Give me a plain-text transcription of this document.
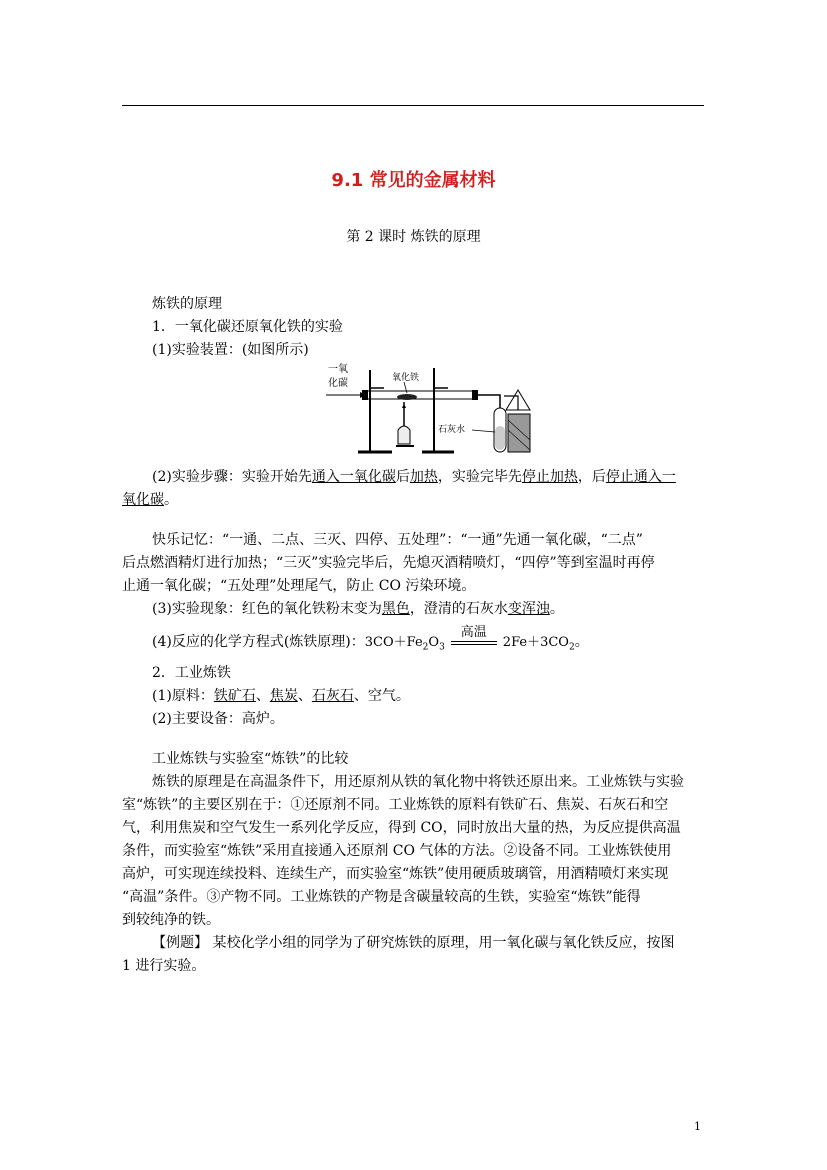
9.1 常见的金属材料
第 2 课时 炼铁的原理
炼铁的原理
1．一氧化碳还原氧化铁的实验
(1)实验装置：(如图所示)
一氧
化碳	氧化铁
石灰水
(2)实验步骤：实验开始先通入一氧化碳后加热，实验完毕先停止加热，后停止通入一
氧化碳。
快乐记忆：“一通、二点、三灭、四停、五处理”：“一通”先通一氧化碳，“二点”
后点燃酒精灯进行加热；“三灭”实验完毕后，先熄灭酒精喷灯，“四停”等到室温时再停
止通一氧化碳；“五处理”处理尾气，防止 CO 污染环境。
(3)实验现象：红色的氧化铁粉末变为黑色，澄清的石灰水变浑浊。
(4)反应的化学方程式(炼铁原理)：$3CO+Fe_2O_3$
高温
$2Fe+3CO_2$。
2．工业炼铁
(1)原料：铁矿石、焦炭、石灰石、空气。
(2)主要设备：高炉。
工业炼铁与实验室“炼铁”的比较
炼铁的原理是在高温条件下，用还原剂从铁的氧化物中将铁还原出来。工业炼铁与实验
室“炼铁”的主要区别在于：①还原剂不同。工业炼铁的原料有铁矿石、焦炭、石灰石和空
气，利用焦炭和空气发生一系列化学反应，得到 CO，同时放出大量的热，为反应提供高温
条件，而实验室“炼铁”采用直接通入还原剂 CO 气体的方法。②设备不同。工业炼铁使用
高炉，可实现连续投料、连续生产，而实验室“炼铁”使用硬质玻璃管，用酒精喷灯来实现
“高温”条件。③产物不同。工业炼铁的产物是含碳量较高的生铁，实验室“炼铁”能得
到较纯净的铁。
【例题】 某校化学小组的同学为了研究炼铁的原理，用一氧化碳与氧化铁反应，按图
1 进行实验。
1
